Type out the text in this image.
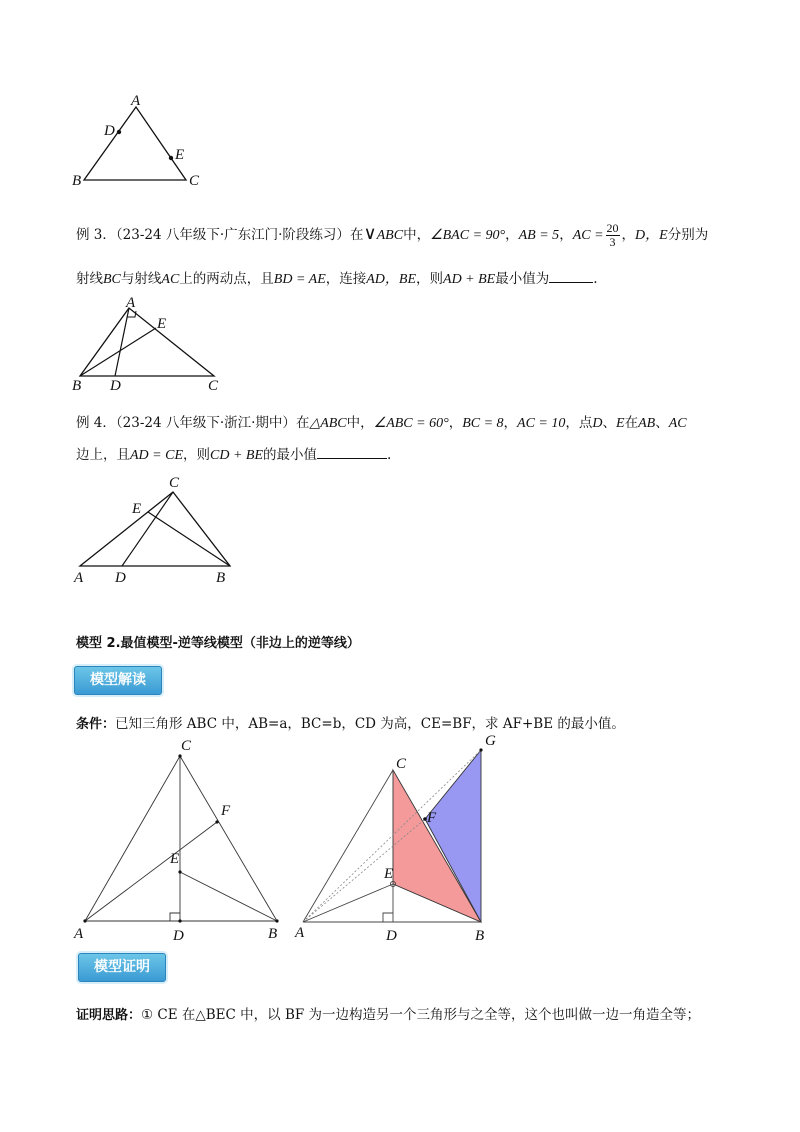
A
D
E
B	C
例 3．（23-24 八年级下·广东江门·阶段练习）在∨ABC中，∠BAC = 90°，AB = 5，AC = $\frac{20}{3}$ ，D，E分别为
射线BC与射线AC上的两动点，且BD = AE，连接AD，BE，则AD + BE最小值为	.
A
E
B D	C
例 4．（23-24 八年级下·浙江·期中）在△ABC中，∠ABC = 60°，BC = 8，AC = 10，点D、E在AB、AC
边上，且AD = CE，则CD + BE的最小值	.
C
E
A D	B
模型 2.最值模型-逆等线模型（非边上的逆等线）
模型解读
条件：已知三角形 ABC 中，AB=a，BC=b，CD 为高，CE=BF，求 AF+BE 的最小值。
C
F
E
A	D	B
C
G
F
E
A	D	B
模型证明
证明思路：① CE 在△BEC 中，以 BF 为一边构造另一个三角形与之全等，这个也叫做一边一角造全等；
